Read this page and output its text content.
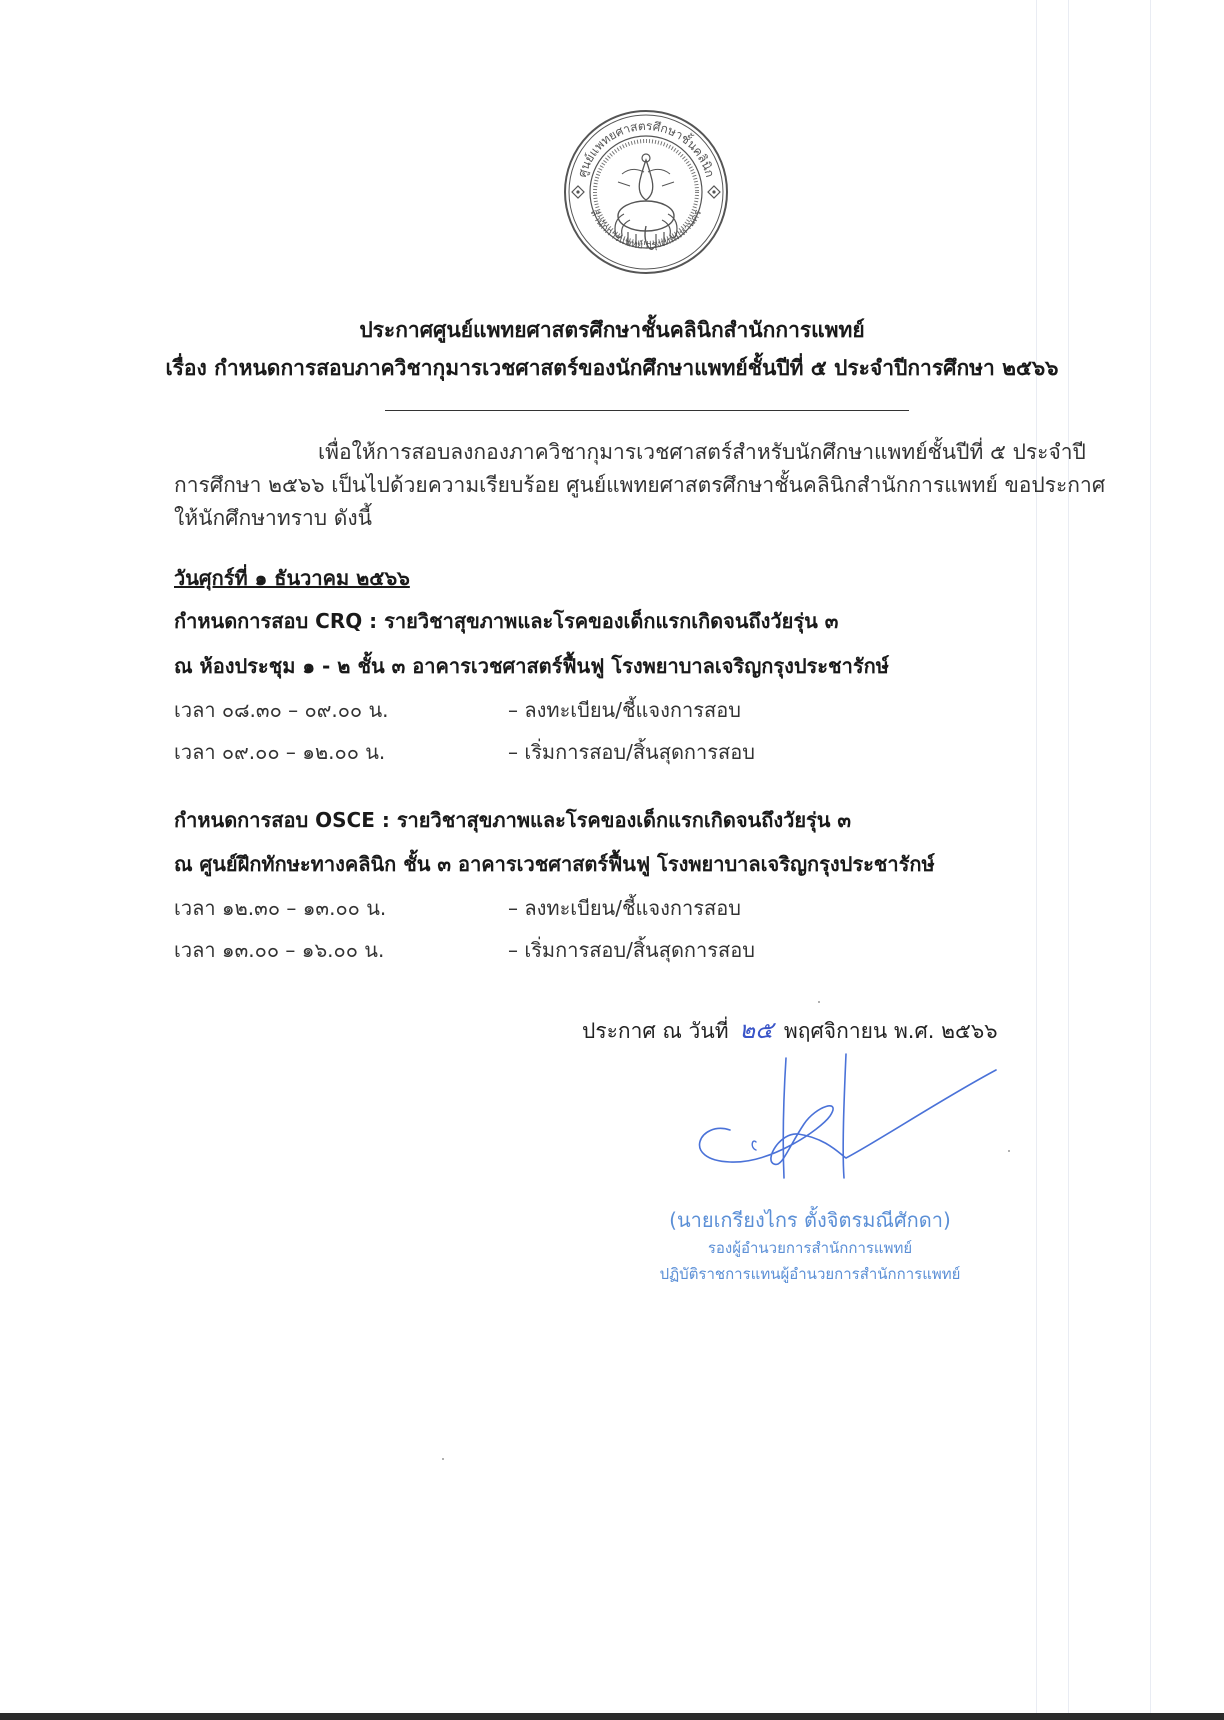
ศูนย์แพทยศาสตรศึกษาชั้นคลินิก
สำนักการแพทย์ กรุงเทพมหานคร
ประกาศศูนย์แพทยศาสตรศึกษาชั้นคลินิกสำนักการแพทย์
เรื่อง กำหนดการสอบภาควิชากุมารเวชศาสตร์ของนักศึกษาแพทย์ชั้นปีที่ ๕ ประจำปีการศึกษา ๒๕๖๖
เพื่อให้การสอบลงกองภาควิชากุมารเวชศาสตร์สำหรับนักศึกษาแพทย์ชั้นปีที่ ๕ ประจำปีการศึกษา ๒๕๖๖ เป็นไปด้วยความเรียบร้อย ศูนย์แพทยศาสตรศึกษาชั้นคลินิกสำนักการแพทย์ ขอประกาศให้นักศึกษาทราบ ดังนี้
วันศุกร์ที่ ๑ ธันวาคม ๒๕๖๖
กำหนดการสอบ CRQ : รายวิชาสุขภาพและโรคของเด็กแรกเกิดจนถึงวัยรุ่น ๓
ณ ห้องประชุม ๑ - ๒ ชั้น ๓ อาคารเวชศาสตร์ฟื้นฟู โรงพยาบาลเจริญกรุงประชารักษ์
เวลา ๐๘.๓๐ – ๐๙.๐๐ น.	– ลงทะเบียน/ชี้แจงการสอบ
เวลา ๐๙.๐๐ – ๑๒.๐๐ น.	– เริ่มการสอบ/สิ้นสุดการสอบ
กำหนดการสอบ OSCE : รายวิชาสุขภาพและโรคของเด็กแรกเกิดจนถึงวัยรุ่น ๓
ณ ศูนย์ฝึกทักษะทางคลินิก ชั้น ๓ อาคารเวชศาสตร์ฟื้นฟู โรงพยาบาลเจริญกรุงประชารักษ์
เวลา ๑๒.๓๐ – ๑๓.๐๐ น.	– ลงทะเบียน/ชี้แจงการสอบ
เวลา ๑๓.๐๐ – ๑๖.๐๐ น.	– เริ่มการสอบ/สิ้นสุดการสอบ
ประกาศ ณ วันที่ ๒๕ พฤศจิกายน พ.ศ. ๒๕๖๖
(นายเกรียงไกร ตั้งจิตรมณีศักดา)
รองผู้อำนวยการสำนักการแพทย์
ปฏิบัติราชการแทนผู้อำนวยการสำนักการแพทย์
